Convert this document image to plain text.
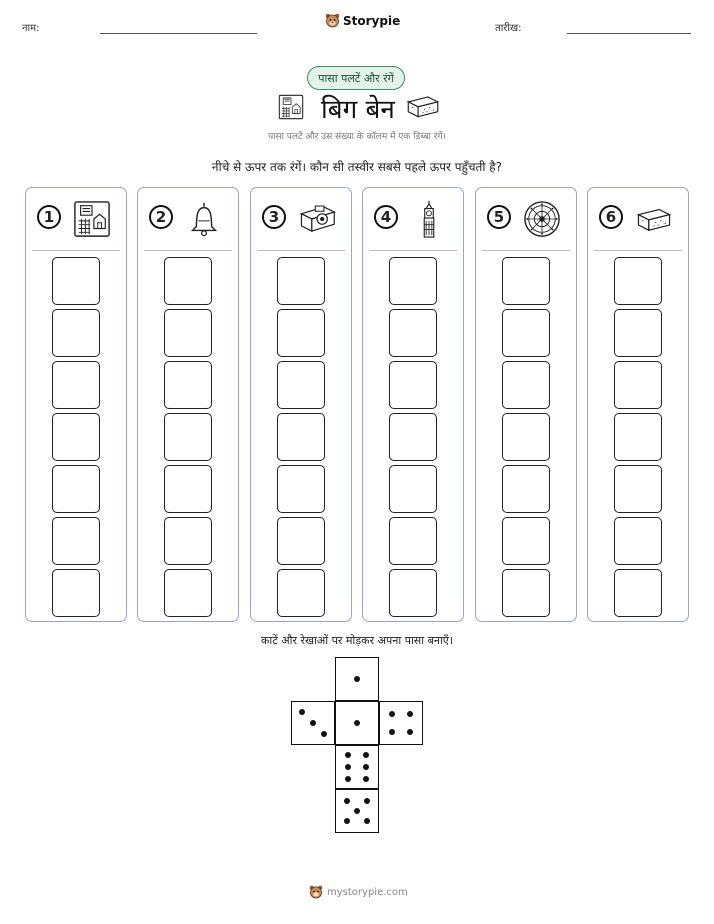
नाम:
Storypie
तारीख:
पासा पलटें और रंगें
बिग बेन
पासा पलटें और उस संख्या के कॉलम में एक डिब्बा रंगें।
नीचे से ऊपर तक रंगें। कौन सी तस्वीर सबसे पहले ऊपर पहुँचती है?
1	2	3	4	5	6
काटें और रेखाओं पर मोड़कर अपना पासा बनाएँ।
mystorypie.com
